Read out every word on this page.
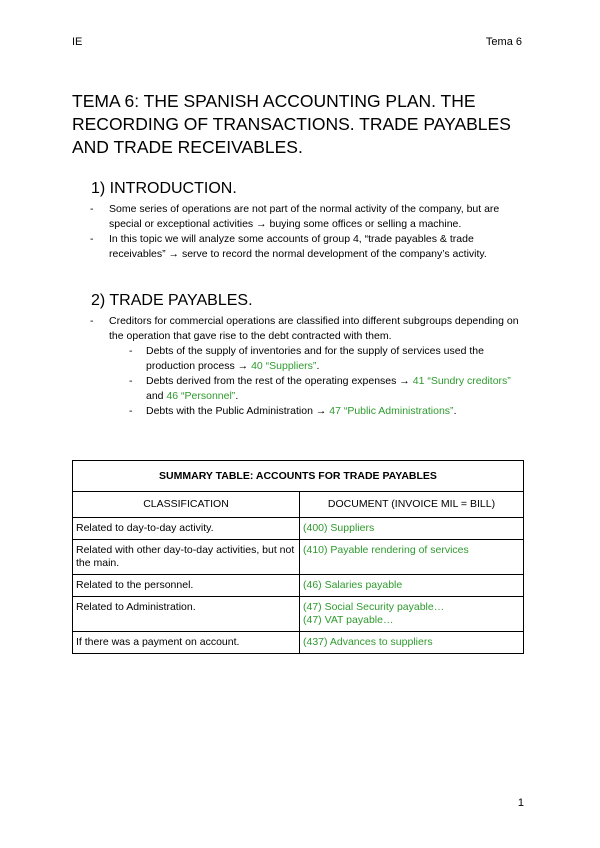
IE	Tema 6
TEMA 6: THE SPANISH ACCOUNTING PLAN. THE RECORDING OF TRANSACTIONS. TRADE PAYABLES AND TRADE RECEIVABLES.
1) INTRODUCTION.
- Some series of operations are not part of the normal activity of the company, but are special or exceptional activities → buying some offices or selling a machine.
- In this topic we will analyze some accounts of group 4, “trade payables & trade receivables” → serve to record the normal development of the company’s activity.
2) TRADE PAYABLES.
- Creditors for commercial operations are classified into different subgroups depending on the operation that gave rise to the debt contracted with them.
- Debts of the supply of inventories and for the supply of services used the production process → 40 “Suppliers”.
- Debts derived from the rest of the operating expenses → 41 “Sundry creditors” and 46 “Personnel”.
- Debts with the Public Administration → 47 “Public Administrations”.
SUMMARY TABLE: ACCOUNTS FOR TRADE PAYABLES	
CLASSIFICATION	DOCUMENT (INVOICE MIL = BILL)
Related to day-to-day activity.	(400) Suppliers

Related with other day-to-day activities, but not the main.	(410) Payable rendering of services

Related to the personnel.	(46) Salaries payable

Related to Administration.	(47) Social Security payable…
(47) VAT payable…

If there was a payment on account.	(437) Advances to suppliers
1
